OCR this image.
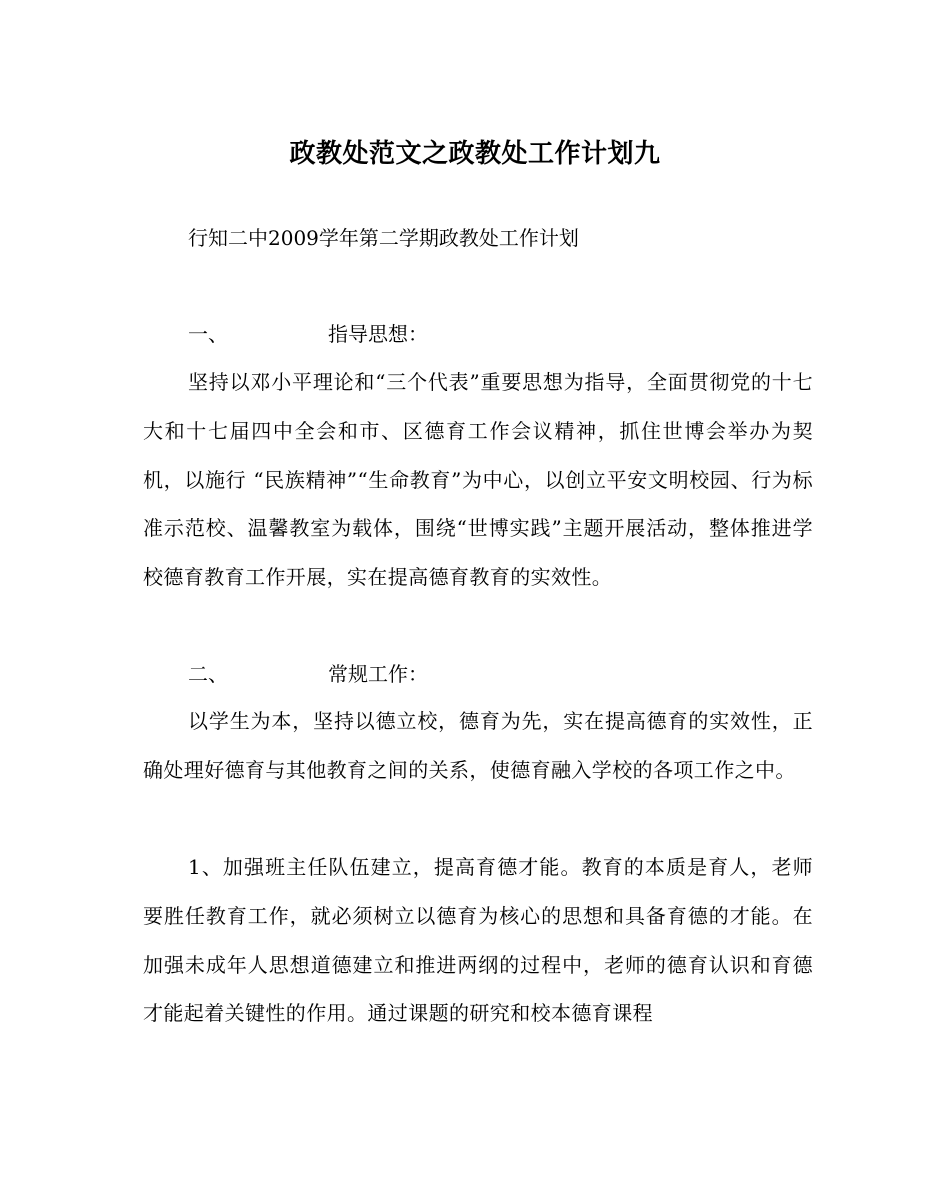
政教处范文之政教处工作计划九
行知二中2009学年第二学期政教处工作计划
一、	指导思想：
坚持以邓小平理论和“三个代表”重要思想为指导，全面贯彻党的十七大和十七届四中全会和市、区德育工作会议精神，抓住世博会举办为契机，以施行 “民族精神”“生命教育”为中心，以创立平安文明校园、行为标准示范校、温馨教室为载体，围绕“世博实践”主题开展活动，整体推进学校德育教育工作开展，实在提高德育教育的实效性。
二、	常规工作：
以学生为本，坚持以德立校，德育为先，实在提高德育的实效性，正确处理好德育与其他教育之间的关系，使德育融入学校的各项工作之中。
1、加强班主任队伍建立，提高育德才能。教育的本质是育人，老师要胜任教育工作，就必须树立以德育为核心的思想和具备育德的才能。在加强未成年人思想道德建立和推进两纲的过程中，老师的德育认识和育德才能起着关键性的作用。通过课题的研究和校本德育课程
